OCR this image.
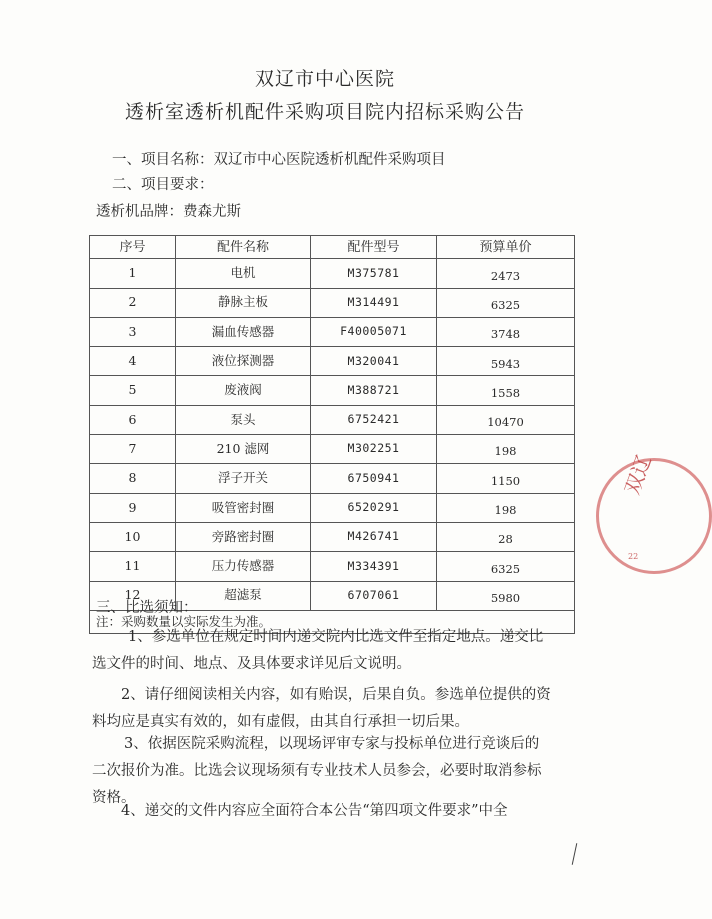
双辽市中心医院
透析室透析机配件采购项目院内招标采购公告
一、项目名称：双辽市中心医院透析机配件采购项目
二、项目要求：
透析机品牌：费森尤斯
序号	配件名称	配件型号	预算单价
1	电机	M375781	2473
2	静脉主板	M314491	6325
3	漏血传感器	F40005071	3748
4	液位探测器	M320041	5943
5	废液阀	M388721	1558
6	泵头	6752421	10470
7	210 滤网	M302251	198
8	浮子开关	6750941	1150
9	吸管密封圈	6520291	198
10	旁路密封圈	M426741	28
11	压力传感器	M334391	6325
12	超滤泵	6707061	5980
注：采购数量以实际发生为准。			
三、比选须知：
1、参选单位在规定时间内递交院内比选文件至指定地点。递交比选文件的时间、地点、及具体要求详见后文说明。
2、请仔细阅读相关内容，如有贻误，后果自负。参选单位提供的资料均应是真实有效的，如有虚假，由其自行承担一切后果。
3、依据医院采购流程，以现场评审专家与投标单位进行竞谈后的二次报价为准。比选会议现场须有专业技术人员参会，必要时取消参标资格。
4、递交的文件内容应全面符合本公告“第四项文件要求”中全
双辽
22
